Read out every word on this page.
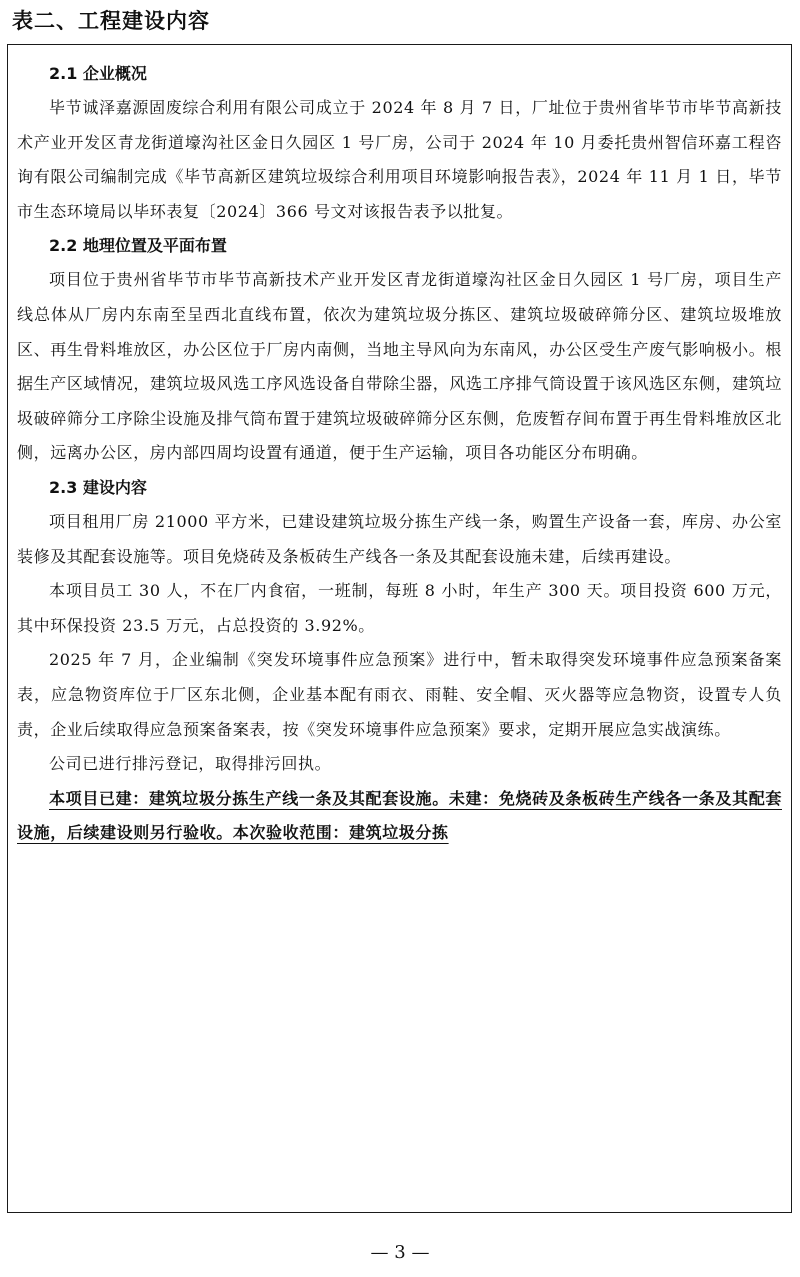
表二、工程建设内容
2.1 企业概况

毕节诚泽嘉源固废综合利用有限公司成立于 2024 年 8 月 7 日，厂址位于贵州省毕节市毕节高新技术产业开发区青龙街道壕沟社区金日久园区 1 号厂房，公司于 2024 年 10 月委托贵州智信环嘉工程咨询有限公司编制完成《毕节高新区建筑垃圾综合利用项目环境影响报告表》，2024 年 11 月 1 日，毕节市生态环境局以毕环表复〔2024〕366 号文对该报告表予以批复。

2.2 地理位置及平面布置

项目位于贵州省毕节市毕节高新技术产业开发区青龙街道壕沟社区金日久园区 1 号厂房，项目生产线总体从厂房内东南至呈西北直线布置，依次为建筑垃圾分拣区、建筑垃圾破碎筛分区、建筑垃圾堆放区、再生骨料堆放区，办公区位于厂房内南侧，当地主导风向为东南风，办公区受生产废气影响极小。根据生产区域情况，建筑垃圾风选工序风选设备自带除尘器，风选工序排气筒设置于该风选区东侧，建筑垃圾破碎筛分工序除尘设施及排气筒布置于建筑垃圾破碎筛分区东侧，危废暂存间布置于再生骨料堆放区北侧，远离办公区，房内部四周均设置有通道，便于生产运输，项目各功能区分布明确。

2.3 建设内容

项目租用厂房 21000 平方米，已建设建筑垃圾分拣生产线一条，购置生产设备一套，库房、办公室装修及其配套设施等。项目免烧砖及条板砖生产线各一条及其配套设施未建，后续再建设。

本项目员工 30 人，不在厂内食宿，一班制，每班 8 小时，年生产 300 天。项目投资 600 万元，其中环保投资 23.5 万元，占总投资的 3.92%。

2025 年 7 月，企业编制《突发环境事件应急预案》进行中，暂未取得突发环境事件应急预案备案表，应急物资库位于厂区东北侧，企业基本配有雨衣、雨鞋、安全帽、灭火器等应急物资，设置专人负责，企业后续取得应急预案备案表，按《突发环境事件应急预案》要求，定期开展应急实战演练。

公司已进行排污登记，取得排污回执。

本项目已建：建筑垃圾分拣生产线一条及其配套设施。未建：免烧砖及条板砖生产线各一条及其配套设施，后续建设则另行验收。本次验收范围：建筑垃圾分拣

— 3 —
